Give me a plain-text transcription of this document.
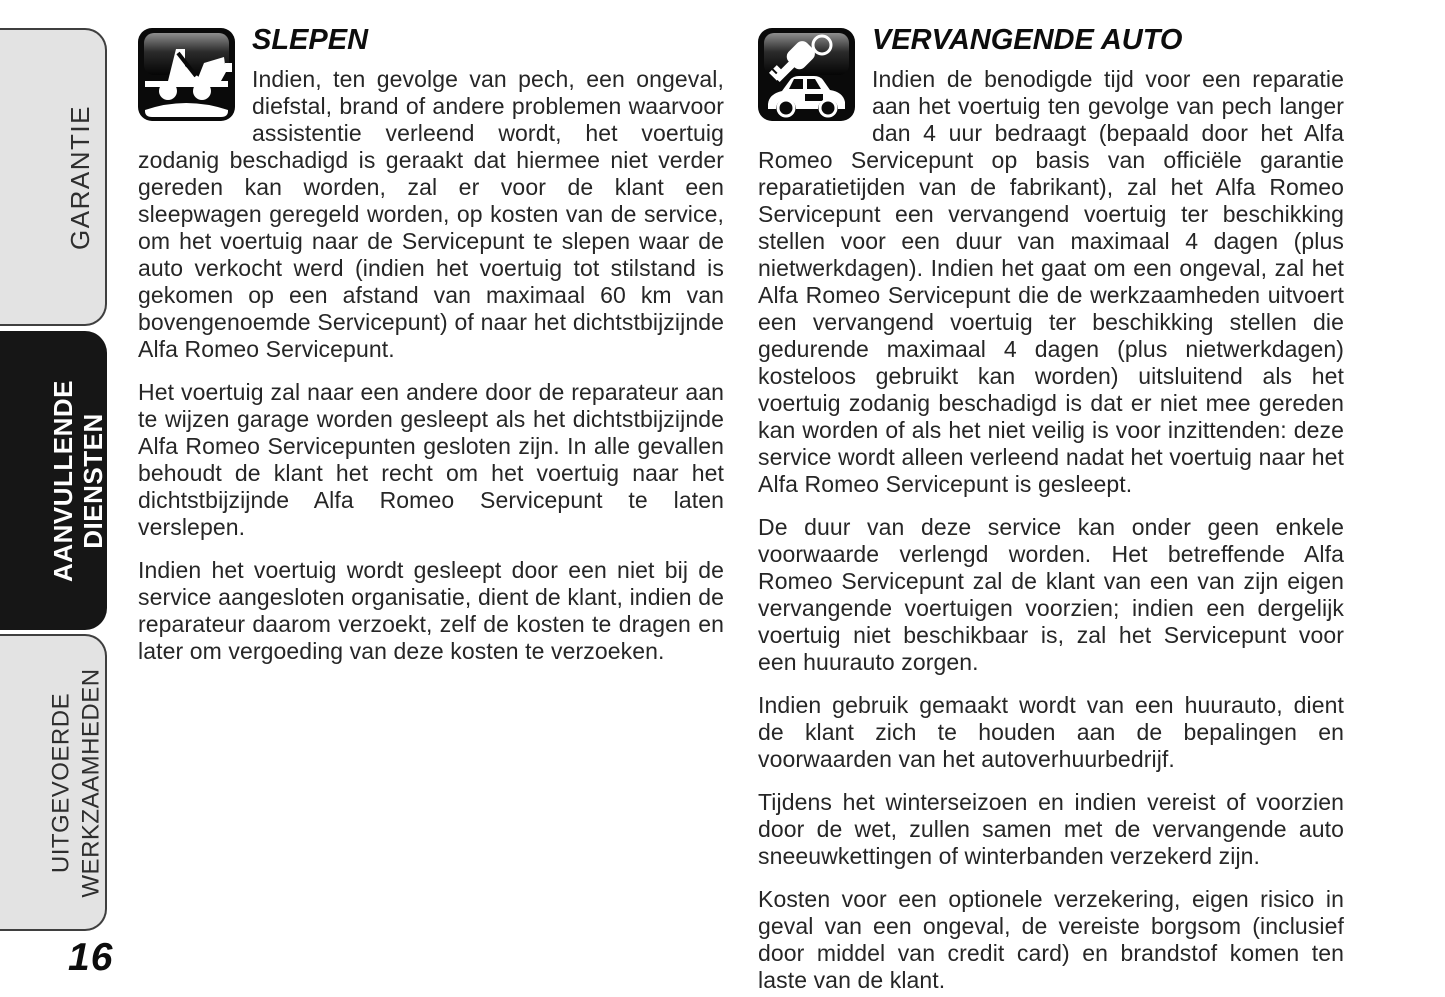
GARANTIE
AANVULLENDE DIENSTEN
UITGEVOERDE WERKZAAMHEDEN
16
SLEPEN

Indien, ten gevolge van pech, een ongeval, diefstal, brand of andere problemen waarvoor assistentie verleend wordt, het voertuig zodanig beschadigd is geraakt dat hiermee niet verder gereden kan worden, zal er voor de klant een sleepwagen geregeld worden, op kosten van de service, om het voertuig naar de Servicepunt te slepen waar de auto verkocht werd (indien het voertuig tot stilstand is gekomen op een afstand van maximaal 60 km van bovengenoemde Servicepunt) of naar het dichtstbijzijnde Alfa Romeo Servicepunt.

Het voertuig zal naar een andere door de reparateur aan te wijzen garage worden gesleept als het dichtstbijzijnde Alfa Romeo Servicepunten gesloten zijn. In alle gevallen behoudt de klant het recht om het voertuig naar het dichtstbijzijnde Alfa Romeo Servicepunt te laten verslepen.

Indien het voertuig wordt gesleept door een niet bij de service aangesloten organisatie, dient de klant, indien de reparateur daarom verzoekt, zelf de kosten te dragen en later om vergoeding van deze kosten te verzoeken.

VERVANGENDE AUTO

Indien de benodigde tijd voor een reparatie aan het voertuig ten gevolge van pech langer dan 4 uur bedraagt (bepaald door het Alfa Romeo Servicepunt op basis van officiële garantie reparatietijden van de fabrikant), zal het Alfa Romeo Servicepunt een vervangend voertuig ter beschikking stellen voor een duur van maximaal 4 dagen (plus nietwerkdagen). Indien het gaat om een ongeval, zal het Alfa Romeo Servicepunt die de werkzaamheden uitvoert een vervangend voertuig ter beschikking stellen die gedurende maximaal 4 dagen (plus nietwerkdagen) kosteloos gebruikt kan worden) uitsluitend als het voertuig zodanig beschadigd is dat er niet mee gereden kan worden of als het niet veilig is voor inzittenden: deze service wordt alleen verleend nadat het voertuig naar het Alfa Romeo Servicepunt is gesleept.

De duur van deze service kan onder geen enkele voorwaarde verlengd worden. Het betreffende Alfa Romeo Servicepunt zal de klant van een van zijn eigen vervangende voertuigen voorzien; indien een dergelijk voertuig niet beschikbaar is, zal het Servicepunt voor een huurauto zorgen.

Indien gebruik gemaakt wordt van een huurauto, dient de klant zich te houden aan de bepalingen en voorwaarden van het autoverhuurbedrijf.

Tijdens het winterseizoen en indien vereist of voorzien door de wet, zullen samen met de vervangende auto sneeuwkettingen of winterbanden verzekerd zijn.

Kosten voor een optionele verzekering, eigen risico in geval van een ongeval, de vereiste borgsom (inclusief door middel van credit card) en brandstof komen ten laste van de klant.
